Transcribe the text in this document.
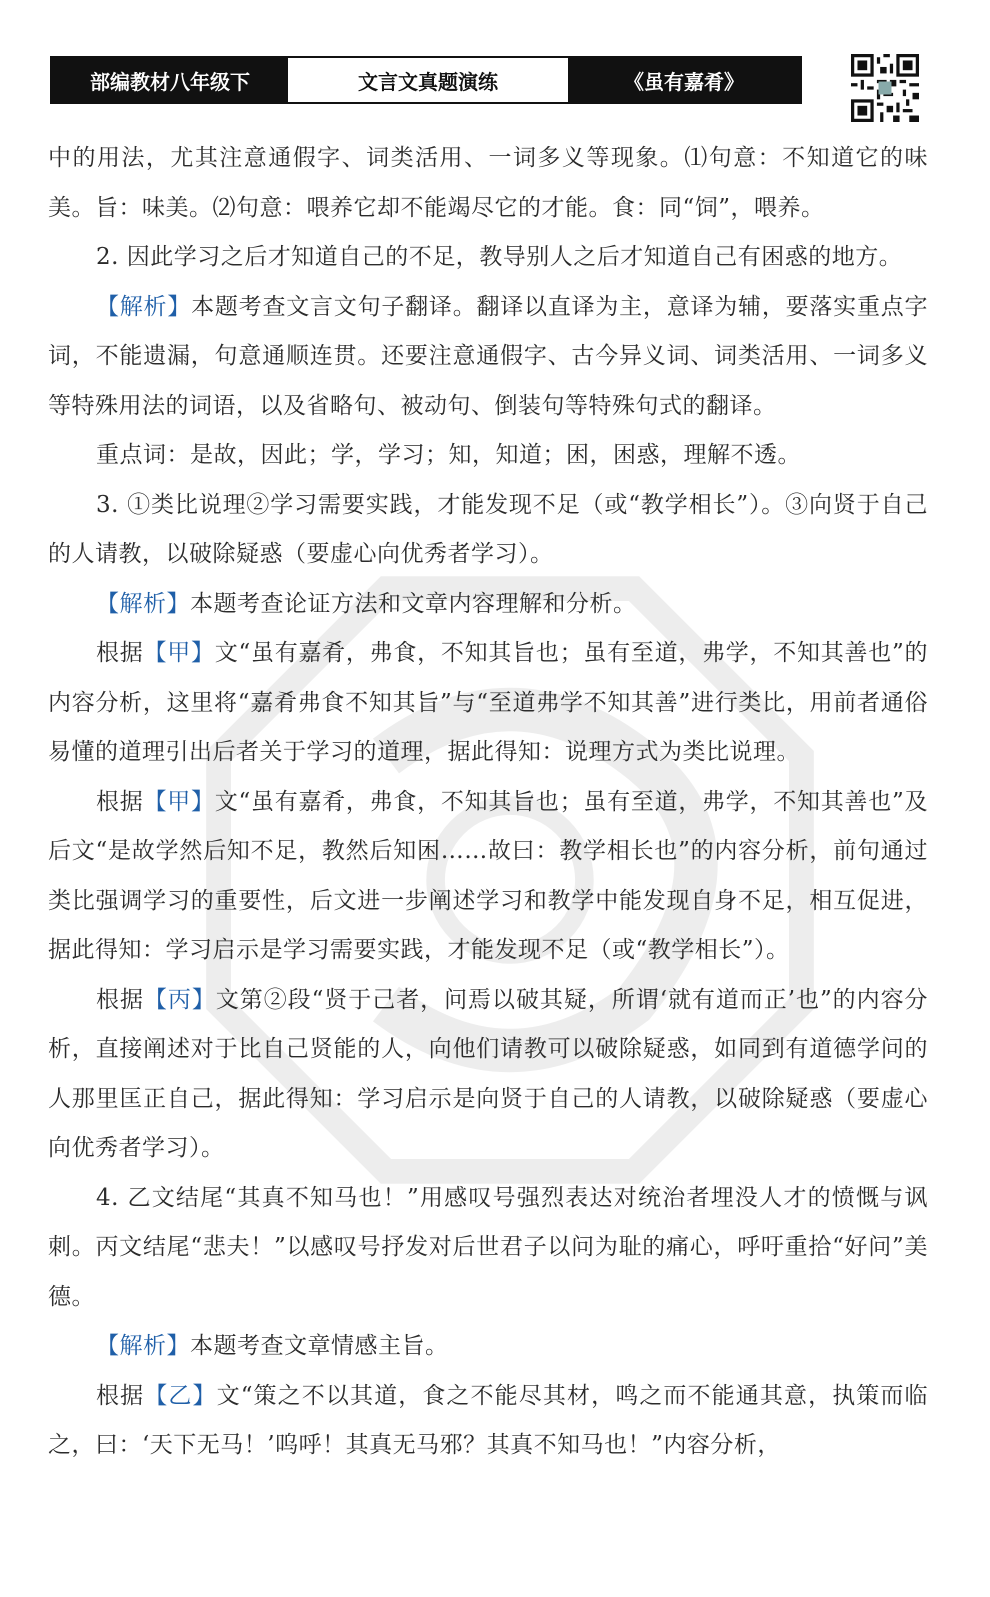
部编教材八年级下	文言文真题演练	《虽有嘉肴》

中的用法，尤其注意通假字、词类活用、一词多义等现象。⑴句意：不知道它的味美。旨：味美。⑵句意：喂养它却不能竭尽它的才能。食：同“饲”，喂养。

2. 因此学习之后才知道自己的不足，教导别人之后才知道自己有困惑的地方。

【解析】本题考查文言文句子翻译。翻译以直译为主，意译为辅，要落实重点字词，不能遗漏，句意通顺连贯。还要注意通假字、古今异义词、词类活用、一词多义等特殊用法的词语，以及省略句、被动句、倒装句等特殊句式的翻译。

重点词：是故，因此；学，学习；知，知道；困，困惑，理解不透。

3. ①类比说理②学习需要实践，才能发现不足（或“教学相长”）。③向贤于自己的人请教，以破除疑惑（要虚心向优秀者学习）。

【解析】本题考查论证方法和文章内容理解和分析。

根据【甲】文“虽有嘉肴，弗食，不知其旨也；虽有至道，弗学，不知其善也”的内容分析，这里将“嘉肴弗食不知其旨”与“至道弗学不知其善”进行类比，用前者通俗易懂的道理引出后者关于学习的道理，据此得知：说理方式为类比说理。

根据【甲】文“虽有嘉肴，弗食，不知其旨也；虽有至道，弗学，不知其善也”及后文“是故学然后知不足，教然后知困……故曰：教学相长也”的内容分析，前句通过类比强调学习的重要性，后文进一步阐述学习和教学中能发现自身不足，相互促进，据此得知：学习启示是学习需要实践，才能发现不足（或“教学相长”）。

根据【丙】文第②段“贤于己者，问焉以破其疑，所谓‘就有道而正’也”的内容分析，直接阐述对于比自己贤能的人，向他们请教可以破除疑惑，如同到有道德学问的人那里匡正自己，据此得知：学习启示是向贤于自己的人请教，以破除疑惑（要虚心向优秀者学习）。

4. 乙文结尾“其真不知马也！”用感叹号强烈表达对统治者埋没人才的愤慨与讽刺。丙文结尾“悲夫！”以感叹号抒发对后世君子以问为耻的痛心，呼吁重拾“好问”美德。

【解析】本题考查文章情感主旨。

根据【乙】文“策之不以其道，食之不能尽其材，鸣之而不能通其意，执策而临之，曰：‘天下无马！’呜呼！其真无马邪？其真不知马也！”内容分析，
